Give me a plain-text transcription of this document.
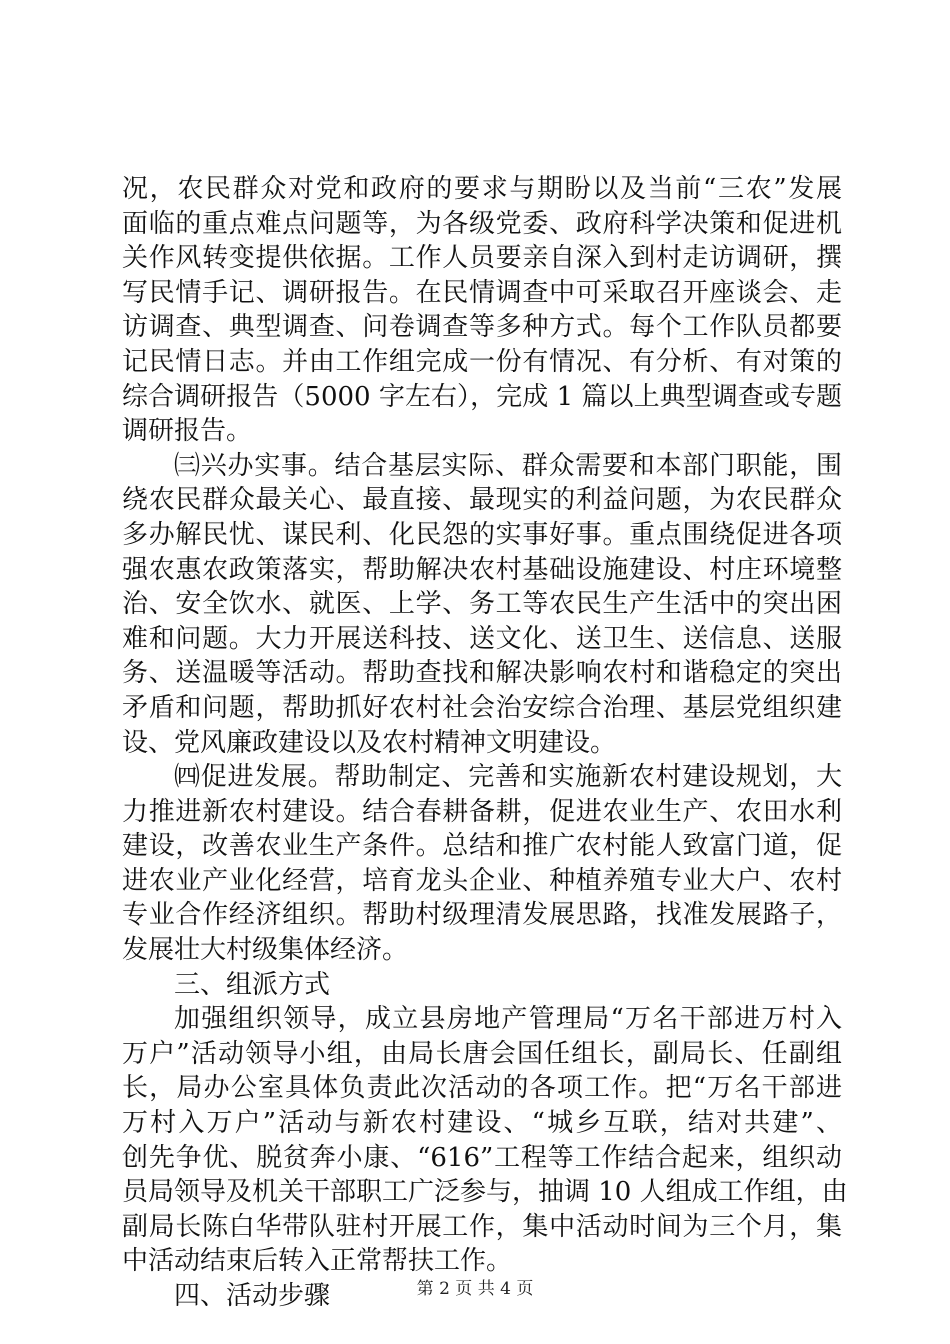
况，农民群众对党和政府的要求与期盼以及当前“三农”发展
面临的重点难点问题等，为各级党委、政府科学决策和促进机
关作风转变提供依据。工作人员要亲自深入到村走访调研，撰
写民情手记、调研报告。在民情调查中可采取召开座谈会、走
访调查、典型调查、问卷调查等多种方式。每个工作队员都要
记民情日志。并由工作组完成一份有情况、有分析、有对策的
综合调研报告（5000 字左右），完成 1 篇以上典型调查或专题
调研报告。
㈢兴办实事。结合基层实际、群众需要和本部门职能，围
绕农民群众最关心、最直接、最现实的利益问题，为农民群众
多办解民忧、谋民利、化民怨的实事好事。重点围绕促进各项
强农惠农政策落实，帮助解决农村基础设施建设、村庄环境整
治、安全饮水、就医、上学、务工等农民生产生活中的突出困
难和问题。大力开展送科技、送文化、送卫生、送信息、送服
务、送温暖等活动。帮助查找和解决影响农村和谐稳定的突出
矛盾和问题，帮助抓好农村社会治安综合治理、基层党组织建
设、党风廉政建设以及农村精神文明建设。
㈣促进发展。帮助制定、完善和实施新农村建设规划，大
力推进新农村建设。结合春耕备耕，促进农业生产、农田水利
建设，改善农业生产条件。总结和推广农村能人致富门道，促
进农业产业化经营，培育龙头企业、种植养殖专业大户、农村
专业合作经济组织。帮助村级理清发展思路，找准发展路子，
发展壮大村级集体经济。
三、组派方式
加强组织领导，成立县房地产管理局“万名干部进万村入
万户”活动领导小组，由局长唐会国任组长，副局长、任副组
长，局办公室具体负责此次活动的各项工作。把“万名干部进
万村入万户”活动与新农村建设、“城乡互联，结对共建”、
创先争优、脱贫奔小康、“616”工程等工作结合起来，组织动
员局领导及机关干部职工广泛参与，抽调 10 人组成工作组，由
副局长陈白华带队驻村开展工作，集中活动时间为三个月，集
中活动结束后转入正常帮扶工作。
四、活动步骤	第 2 页 共 4 页
